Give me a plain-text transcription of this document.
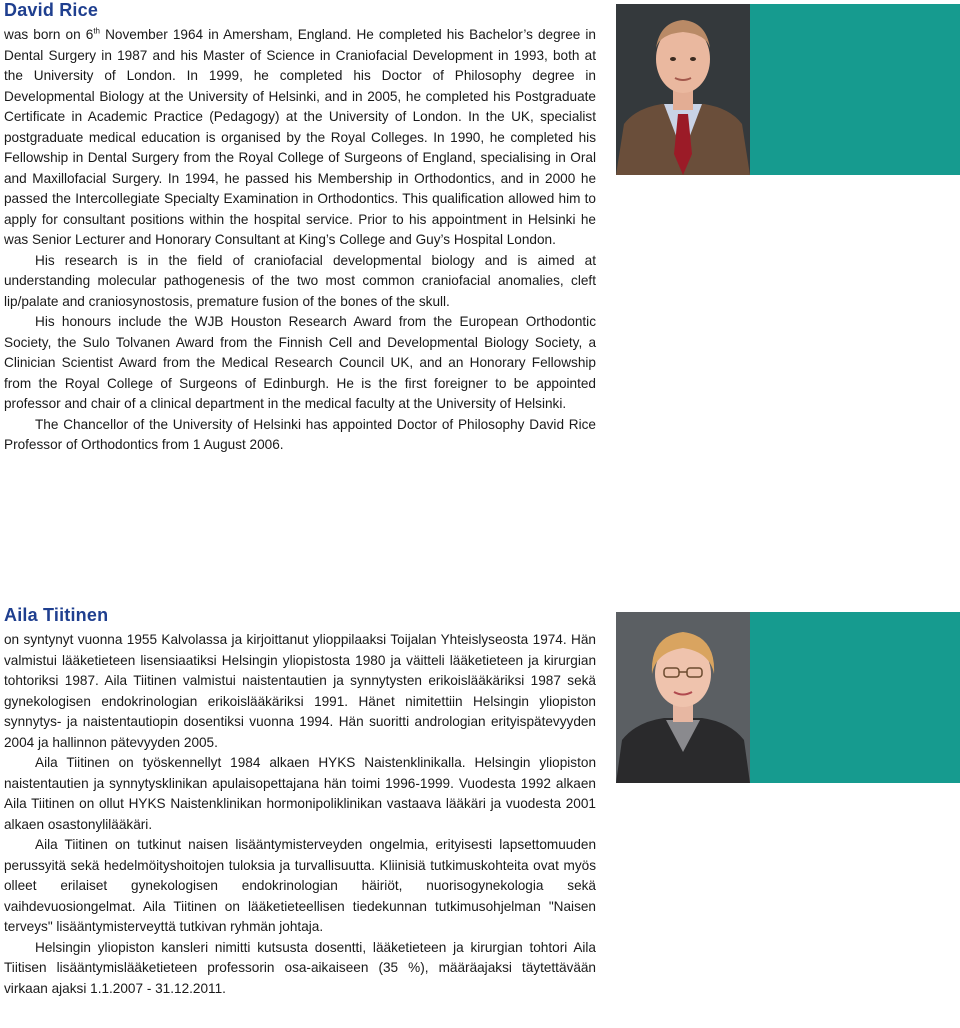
David Rice

was born on 6th November 1964 in Amersham, England. He completed his Bachelor’s degree in Dental Surgery in 1987 and his Master of Science in Craniofacial Development in 1993, both at the University of London. In 1999, he completed his Doctor of Philosophy degree in Developmental Biology at the University of Helsinki, and in 2005, he completed his Postgraduate Certificate in Academic Practice (Pedagogy) at the University of London. In the UK, specialist postgraduate medical education is organised by the Royal Colleges. In 1990, he completed his Fellowship in Dental Surgery from the Royal College of Surgeons of England, specialising in Oral and Maxillofacial Surgery. In 1994, he passed his Membership in Orthodontics, and in 2000 he passed the Intercollegiate Specialty Examination in Orthodontics. This qualification allowed him to apply for consultant positions within the hospital service. Prior to his appointment in Helsinki he was Senior Lecturer and Honorary Consultant at King’s College and Guy’s Hospital London.

His research is in the field of craniofacial developmental biology and is aimed at understanding molecular pathogenesis of the two most common craniofacial anomalies, cleft lip/palate and craniosynostosis, premature fusion of the bones of the skull.

His honours include the WJB Houston Research Award from the European Orthodontic Society, the Sulo Tolvanen Award from the Finnish Cell and Developmental Biology Society, a Clinician Scientist Award from the Medical Research Council UK, and an Honorary Fellowship from the Royal College of Surgeons of Edinburgh. He is the first foreigner to be appointed professor and chair of a clinical department in the medical faculty at the University of Helsinki.

The Chancellor of the University of Helsinki has appointed Doctor of Philosophy David Rice Professor of Orthodontics from 1 August 2006.

Aila Tiitinen

on syntynyt vuonna 1955 Kalvolassa ja kirjoittanut ylioppilaaksi Toijalan Yhteislyseosta 1974. Hän valmistui lääketieteen lisensiaatiksi Helsingin yliopistosta 1980 ja väitteli lääketieteen ja kirurgian tohtoriksi 1987. Aila Tiitinen valmistui naistentautien ja synnytysten erikoislääkäriksi 1987 sekä gynekologisen endokrinologian erikoislääkäriksi 1991. Hänet nimitettiin Helsingin yliopiston synnytys- ja naistentautiopin dosentiksi vuonna 1994. Hän suoritti andrologian erityispätevyyden 2004 ja hallinnon pätevyyden 2005.

Aila Tiitinen on työskennellyt 1984 alkaen HYKS Naistenklinikalla. Helsingin yliopiston naistentautien ja synnytysklinikan apulaisopettajana hän toimi 1996-1999. Vuodesta 1992 alkaen Aila Tiitinen on ollut HYKS Naistenklinikan hormonipoliklinikan vastaava lääkäri ja vuodesta 2001 alkaen osastonylilääkäri.

Aila Tiitinen on tutkinut naisen lisääntymisterveyden ongelmia, erityisesti lapsettomuuden perussyitä sekä hedelmöityshoitojen tuloksia ja turvallisuutta. Kliinisiä tutkimuskohteita ovat myös olleet erilaiset gynekologisen endokrinologian häiriöt, nuorisogynekologia sekä vaihdevuosiongelmat. Aila Tiitinen on lääketieteellisen tiedekunnan tutkimusohjelman "Naisen terveys" lisääntymisterveyttä tutkivan ryhmän johtaja.

Helsingin yliopiston kansleri nimitti kutsusta dosentti, lääketieteen ja kirurgian tohtori Aila Tiitisen lisääntymislääketieteen professorin osa-aikaiseen (35 %), määräajaksi täytettävään virkaan ajaksi 1.1.2007 - 31.12.2011.
